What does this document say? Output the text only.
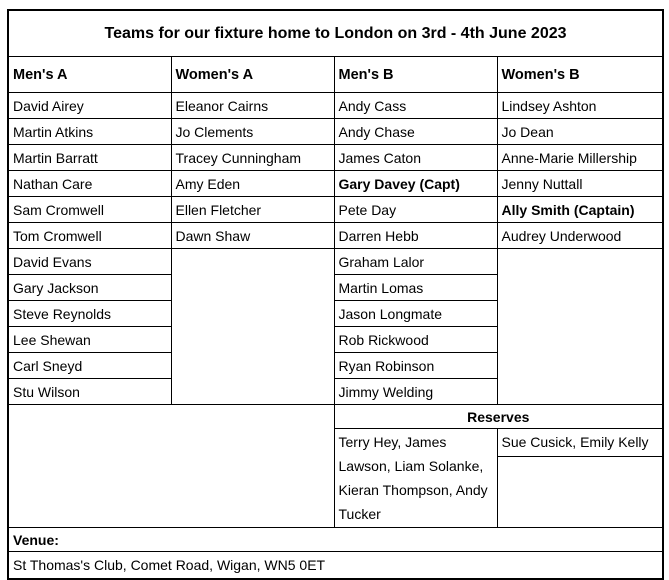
Teams for our fixture home to London on 3rd - 4th June 2023			
Men's A	Women's A	Men's B	Women's B
David Airey	Eleanor Cairns	Andy Cass	Lindsey Ashton
Martin Atkins	Jo Clements	Andy Chase	Jo Dean
Martin Barratt	Tracey Cunningham	James Caton	Anne-Marie Millership
Nathan Care	Amy Eden	Gary Davey (Capt)	Jenny Nuttall
Sam Cromwell	Ellen Fletcher	Pete Day	Ally Smith (Captain)
Tom Cromwell	Dawn Shaw	Darren Hebb	Audrey Underwood
David Evans		Graham Lalor	
Gary Jackson		Martin Lomas	
Steve Reynolds		Jason Longmate	
Lee Shewan		Rob Rickwood	
Carl Sneyd		Ryan Robinson	
Stu Wilson		Jimmy Welding	
		Reserves	
		Terry Hey, James Lawson, Liam Solanke, Kieran Thompson, Andy Tucker	Sue Cusick, Emily Kelly

Venue:			
St Thomas's Club, Comet Road, Wigan, WN5 0ET			
